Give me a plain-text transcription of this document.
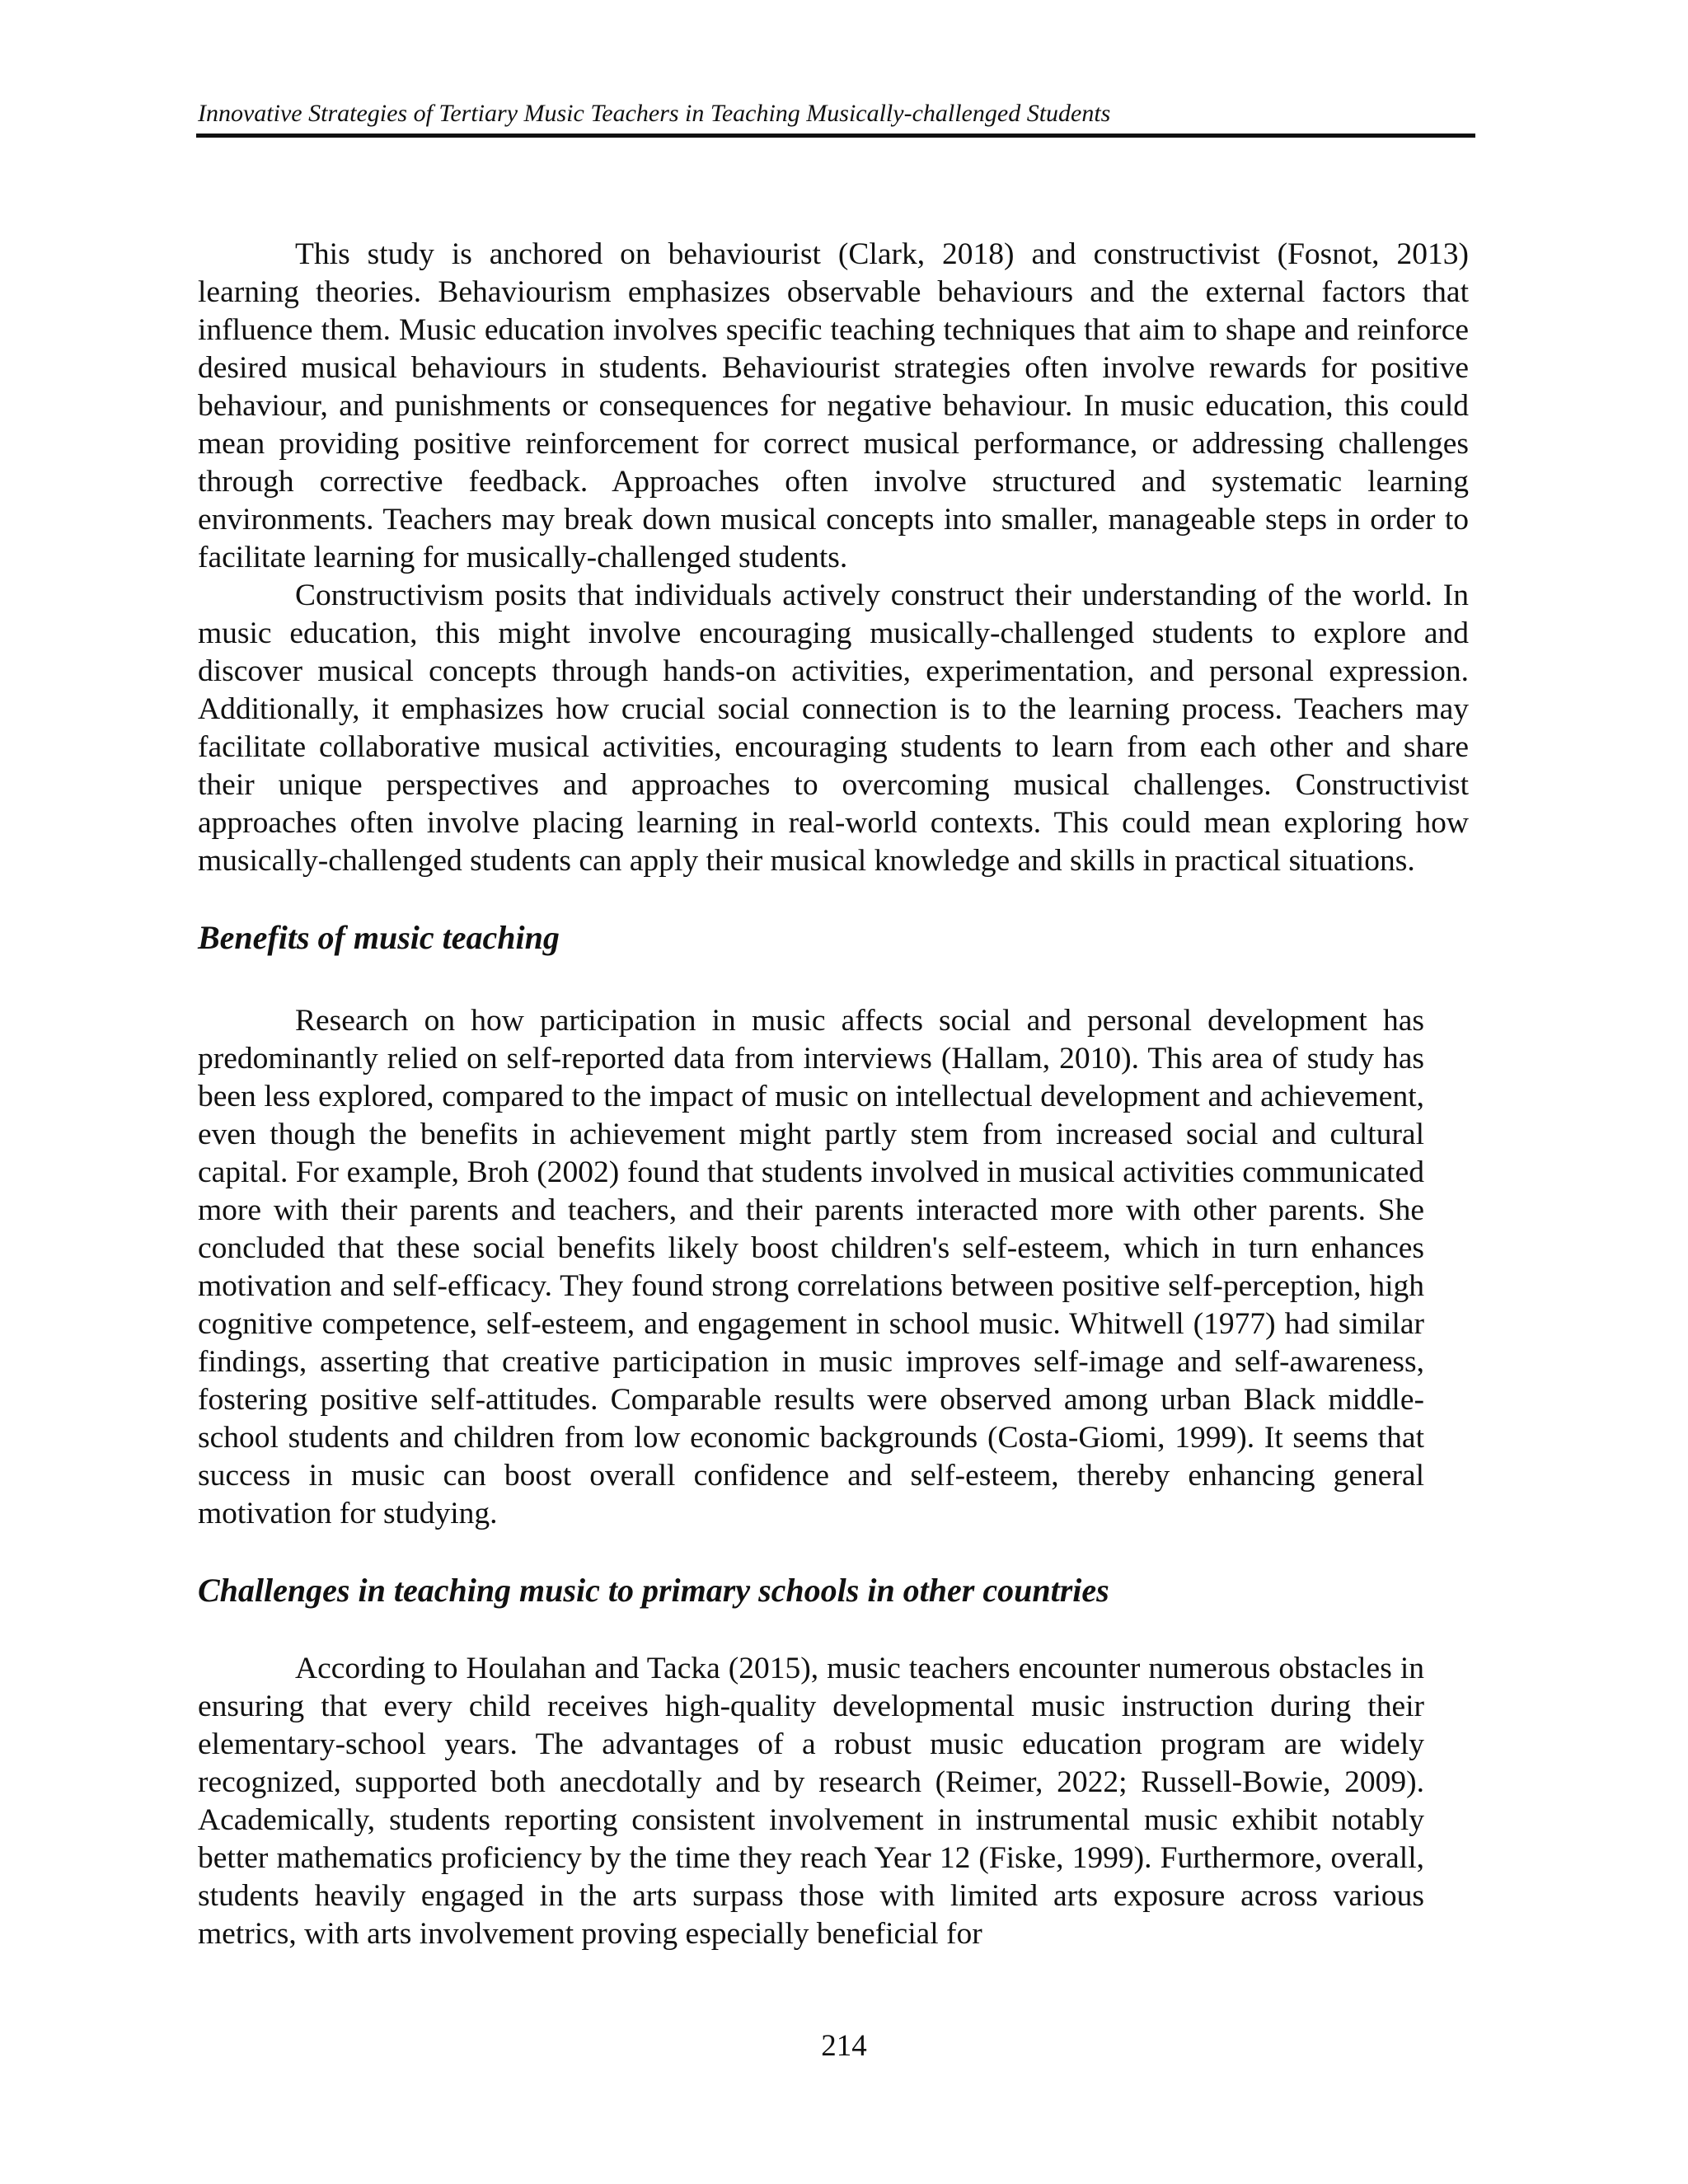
Innovative Strategies of Tertiary Music Teachers in Teaching Musically-challenged Students

This study is anchored on behaviourist (Clark, 2018) and constructivist (Fosnot, 2013) learning theories. Behaviourism emphasizes observable behaviours and the external factors that influence them. Music education involves specific teaching techniques that aim to shape and reinforce desired musical behaviours in students. Behaviourist strategies often involve rewards for positive behaviour, and punishments or consequences for negative behaviour. In music education, this could mean providing positive reinforcement for correct musical performance, or addressing challenges through corrective feedback. Approaches often involve structured and systematic learning environments. Teachers may break down musical concepts into smaller, manageable steps in order to facilitate learning for musically-challenged students.

Constructivism posits that individuals actively construct their understanding of the world. In music education, this might involve encouraging musically-challenged students to explore and discover musical concepts through hands-on activities, experimentation, and personal expression. Additionally, it emphasizes how crucial social connection is to the learning process. Teachers may facilitate collaborative musical activities, encouraging students to learn from each other and share their unique perspectives and approaches to overcoming musical challenges. Constructivist approaches often involve placing learning in real-world contexts. This could mean exploring how musically-challenged students can apply their musical knowledge and skills in practical situations.

Benefits of music teaching

Research on how participation in music affects social and personal development has predominantly relied on self-reported data from interviews (Hallam, 2010). This area of study has been less explored, compared to the impact of music on intellectual development and achievement, even though the benefits in achievement might partly stem from increased social and cultural capital. For example, Broh (2002) found that students involved in musical activities communicated more with their parents and teachers, and their parents interacted more with other parents. She concluded that these social benefits likely boost children's self-esteem, which in turn enhances motivation and self-efficacy. They found strong correlations between positive self-perception, high cognitive competence, self-esteem, and engagement in school music. Whitwell (1977) had similar findings, asserting that creative participation in music improves self-image and self-awareness, fostering positive self-attitudes. Comparable results were observed among urban Black middle-school students and children from low economic backgrounds (Costa-Giomi, 1999). It seems that success in music can boost overall confidence and self-esteem, thereby enhancing general motivation for studying.

Challenges in teaching music to primary schools in other countries

According to Houlahan and Tacka (2015), music teachers encounter numerous obstacles in ensuring that every child receives high-quality developmental music instruction during their elementary-school years. The advantages of a robust music education program are widely recognized, supported both anecdotally and by research (Reimer, 2022; Russell-Bowie, 2009). Academically, students reporting consistent involvement in instrumental music exhibit notably better mathematics proficiency by the time they reach Year 12 (Fiske, 1999). Furthermore, overall, students heavily engaged in the arts surpass those with limited arts exposure across various metrics, with arts involvement proving especially beneficial for

214
